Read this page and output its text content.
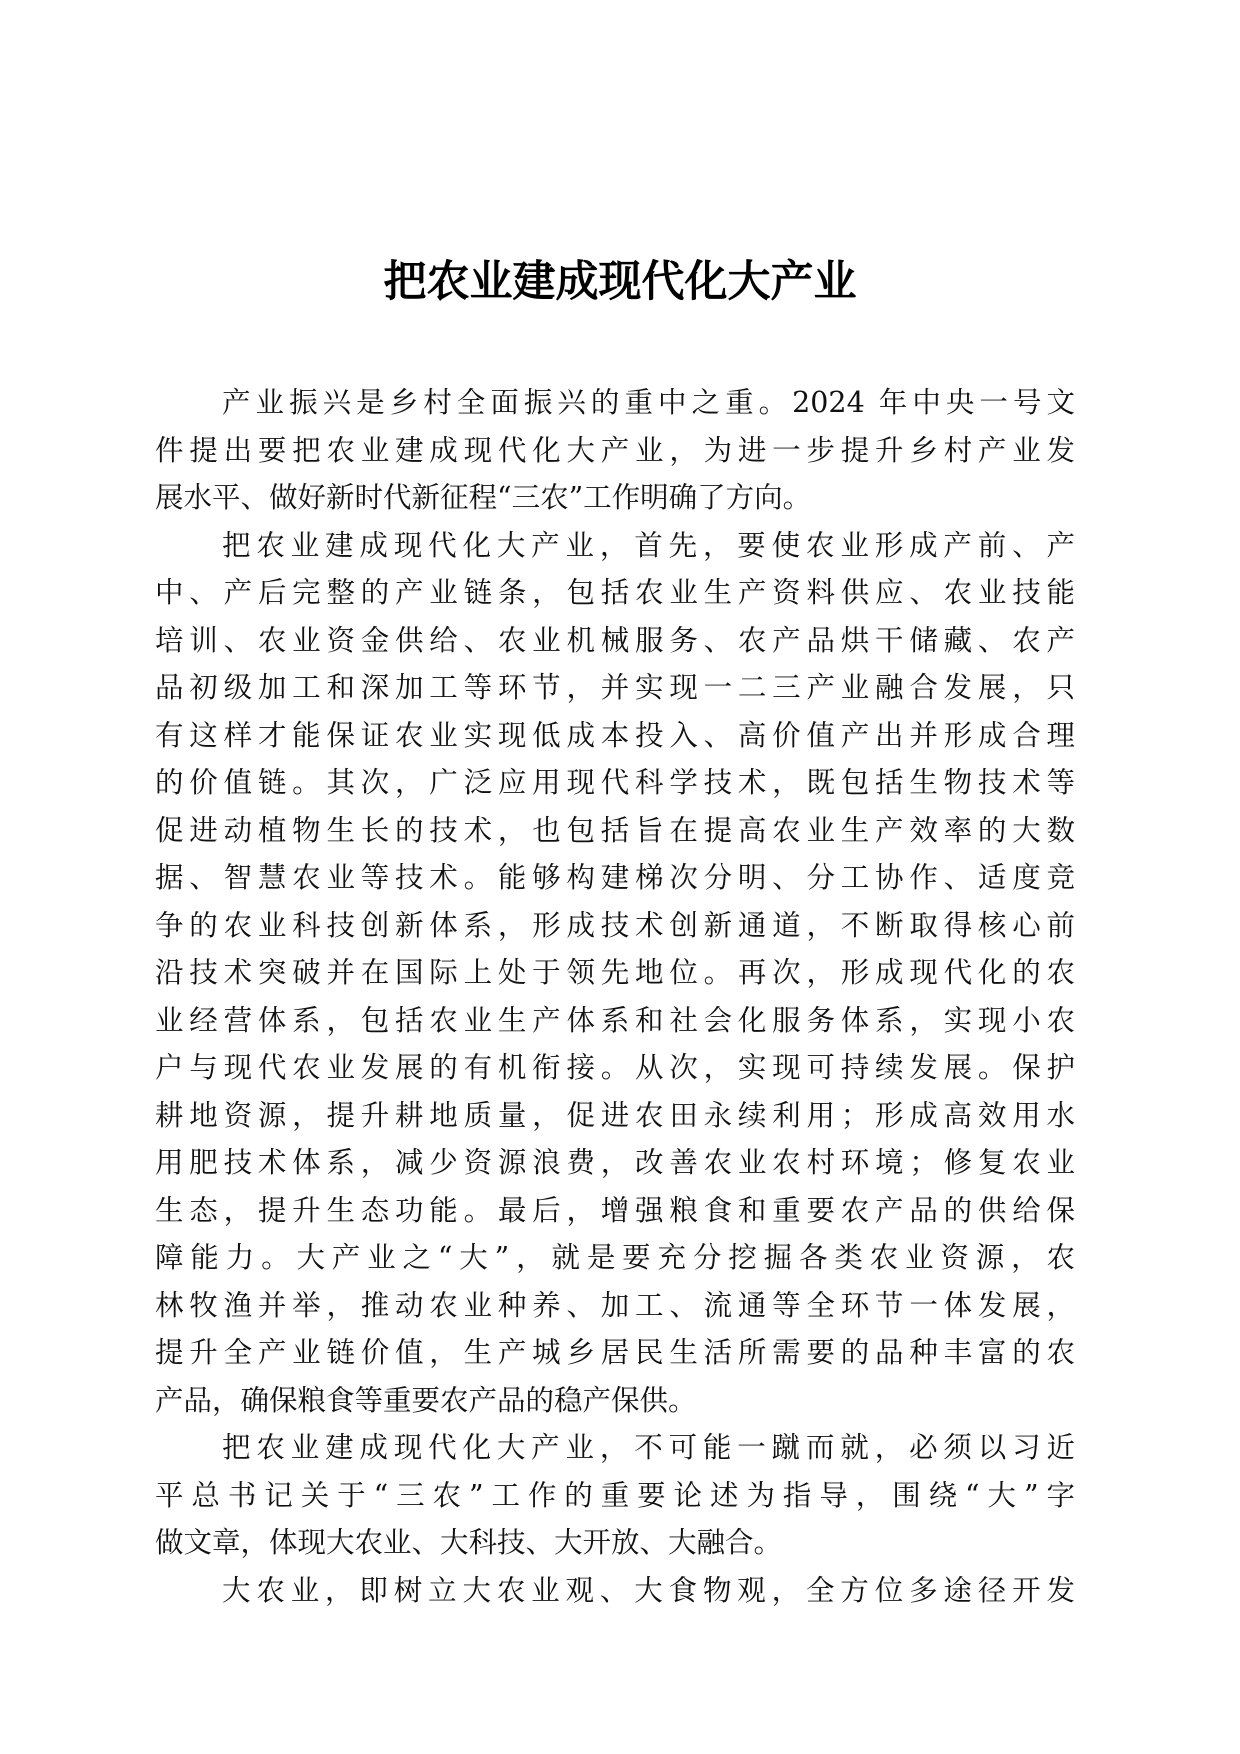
把农业建成现代化大产业
产业振兴是乡村全面振兴的重中之重。2024 年中央一号文
件提出要把农业建成现代化大产业，为进一步提升乡村产业发
展水平、做好新时代新征程“三农”工作明确了方向。
把农业建成现代化大产业，首先，要使农业形成产前、产
中、产后完整的产业链条，包括农业生产资料供应、农业技能
培训、农业资金供给、农业机械服务、农产品烘干储藏、农产
品初级加工和深加工等环节，并实现一二三产业融合发展，只
有这样才能保证农业实现低成本投入、高价值产出并形成合理
的价值链。其次，广泛应用现代科学技术，既包括生物技术等
促进动植物生长的技术，也包括旨在提高农业生产效率的大数
据、智慧农业等技术。能够构建梯次分明、分工协作、适度竞
争的农业科技创新体系，形成技术创新通道，不断取得核心前
沿技术突破并在国际上处于领先地位。再次，形成现代化的农
业经营体系，包括农业生产体系和社会化服务体系，实现小农
户与现代农业发展的有机衔接。从次，实现可持续发展。保护
耕地资源，提升耕地质量，促进农田永续利用；形成高效用水
用肥技术体系，减少资源浪费，改善农业农村环境；修复农业
生态，提升生态功能。最后，增强粮食和重要农产品的供给保
障能力。大产业之“大”，就是要充分挖掘各类农业资源，农
林牧渔并举，推动农业种养、加工、流通等全环节一体发展，
提升全产业链价值，生产城乡居民生活所需要的品种丰富的农
产品，确保粮食等重要农产品的稳产保供。
把农业建成现代化大产业，不可能一蹴而就，必须以习近
平总书记关于“三农”工作的重要论述为指导，围绕“大”字
做文章，体现大农业、大科技、大开放、大融合。
大农业，即树立大农业观、大食物观，全方位多途径开发
